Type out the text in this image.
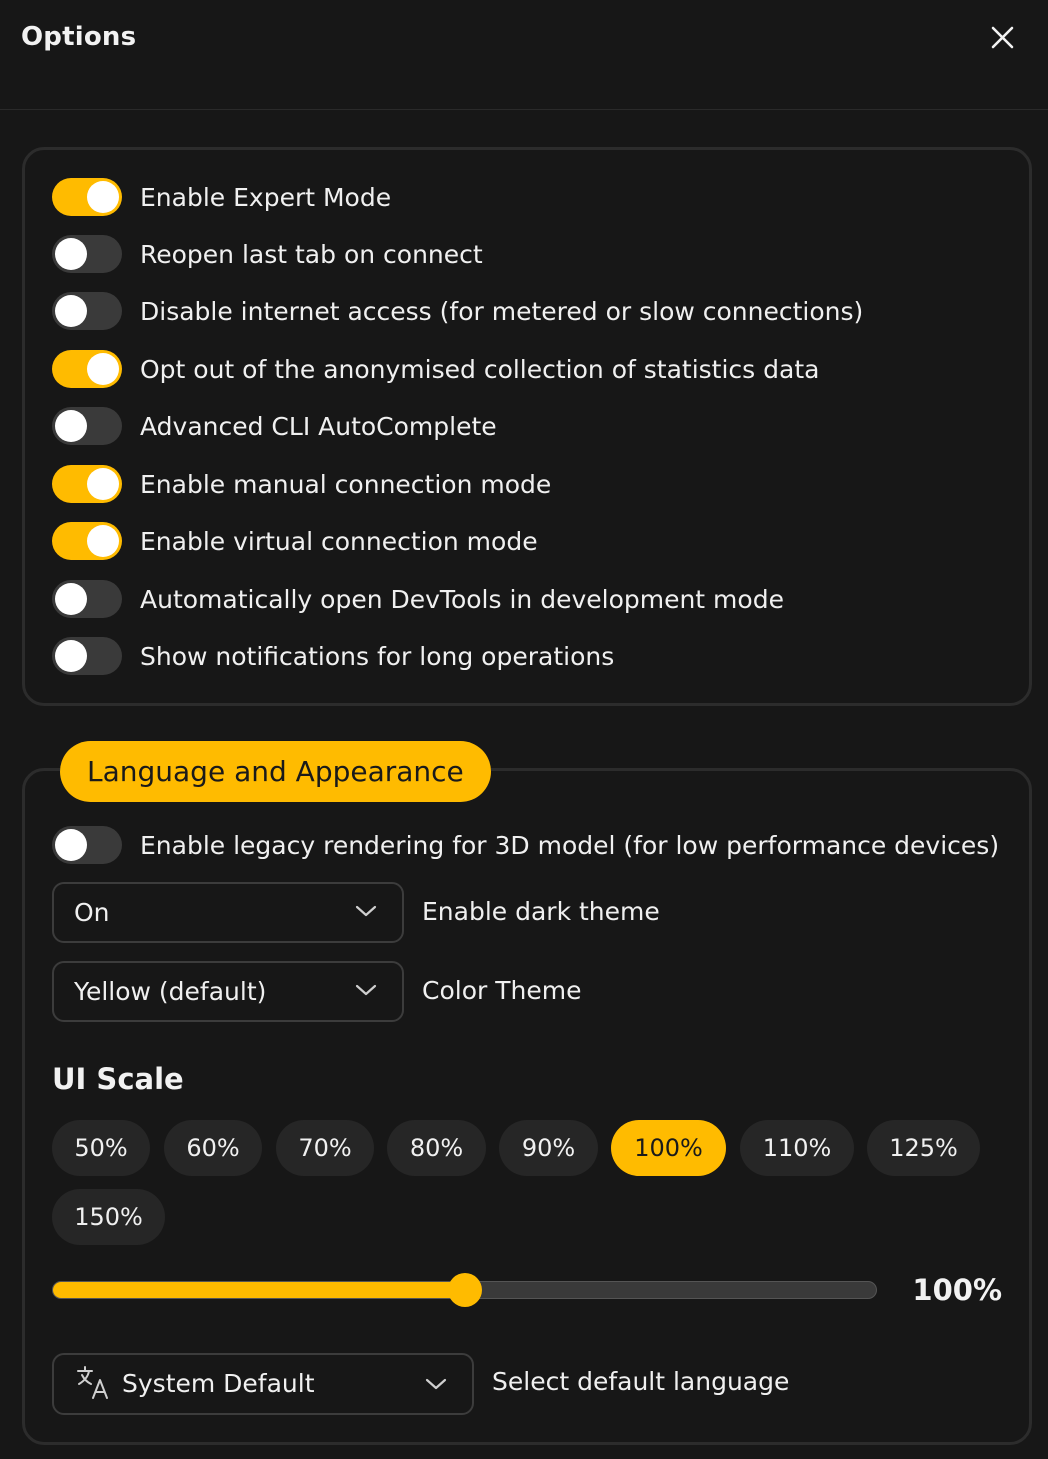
Options
Enable Expert Mode
Reopen last tab on connect
Disable internet access (for metered or slow connections)
Opt out of the anonymised collection of statistics data
Advanced CLI AutoComplete
Enable manual connection mode
Enable virtual connection mode
Automatically open DevTools in development mode
Show notifications for long operations
Language and Appearance
Enable legacy rendering for 3D model (for low performance devices)
On	Enable dark theme
Yellow (default)	Color Theme
UI Scale
50%	60%	70%	80%	90%	100%	110%	125%
150%
100%
System Default	Select default language
